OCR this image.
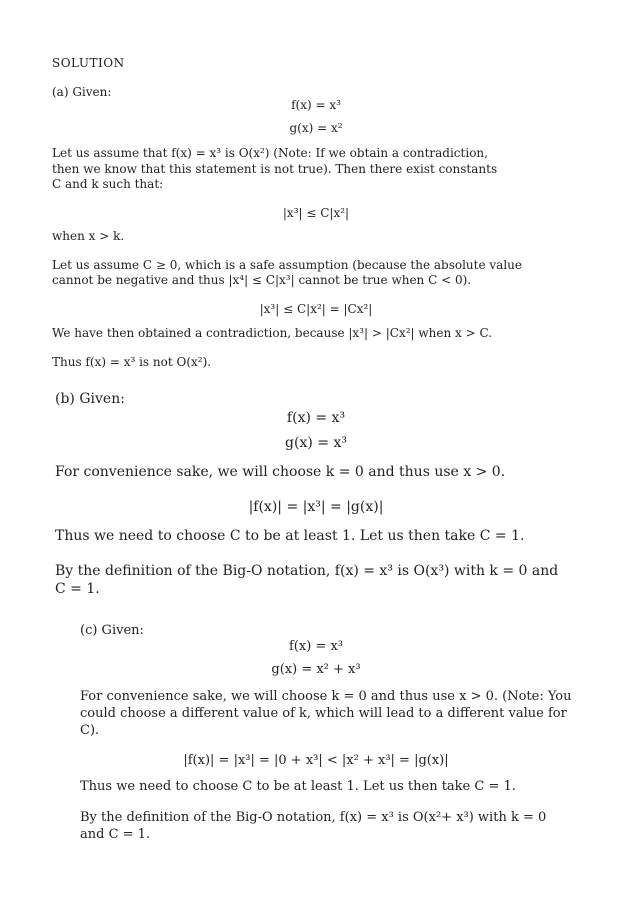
SOLUTION
(a) Given:
f(x) = x³
g(x) = x²
Let us assume that f(x) = x³ is O(x²) (Note: If we obtain a contradiction,
then we know that this statement is not true). Then there exist constants
C and k such that:
|x³| ≤ C|x²|
when x > k.
Let us assume C ≥ 0, which is a safe assumption (because the absolute value
cannot be negative and thus |x⁴| ≤ C|x³| cannot be true when C < 0).
|x³| ≤ C|x²| = |Cx²|
We have then obtained a contradiction, because |x³| > |Cx²| when x > C.
Thus f(x) = x³ is not O(x²).
(b) Given:
f(x) = x³
g(x) = x³
For convenience sake, we will choose k = 0 and thus use x > 0.
|f(x)| = |x³| = |g(x)|
Thus we need to choose C to be at least 1. Let us then take C = 1.
By the definition of the Big-O notation, f(x) = x³ is O(x³) with k = 0 and
C = 1.
(c) Given:
f(x) = x³
g(x) = x² + x³
For convenience sake, we will choose k = 0 and thus use x > 0. (Note: You
could choose a different value of k, which will lead to a different value for
C).
|f(x)| = |x³| = |0 + x³| < |x² + x³| = |g(x)|
Thus we need to choose C to be at least 1. Let us then take C = 1.
By the definition of the Big-O notation, f(x) = x³ is O(x²+ x³) with k = 0
and C = 1.
